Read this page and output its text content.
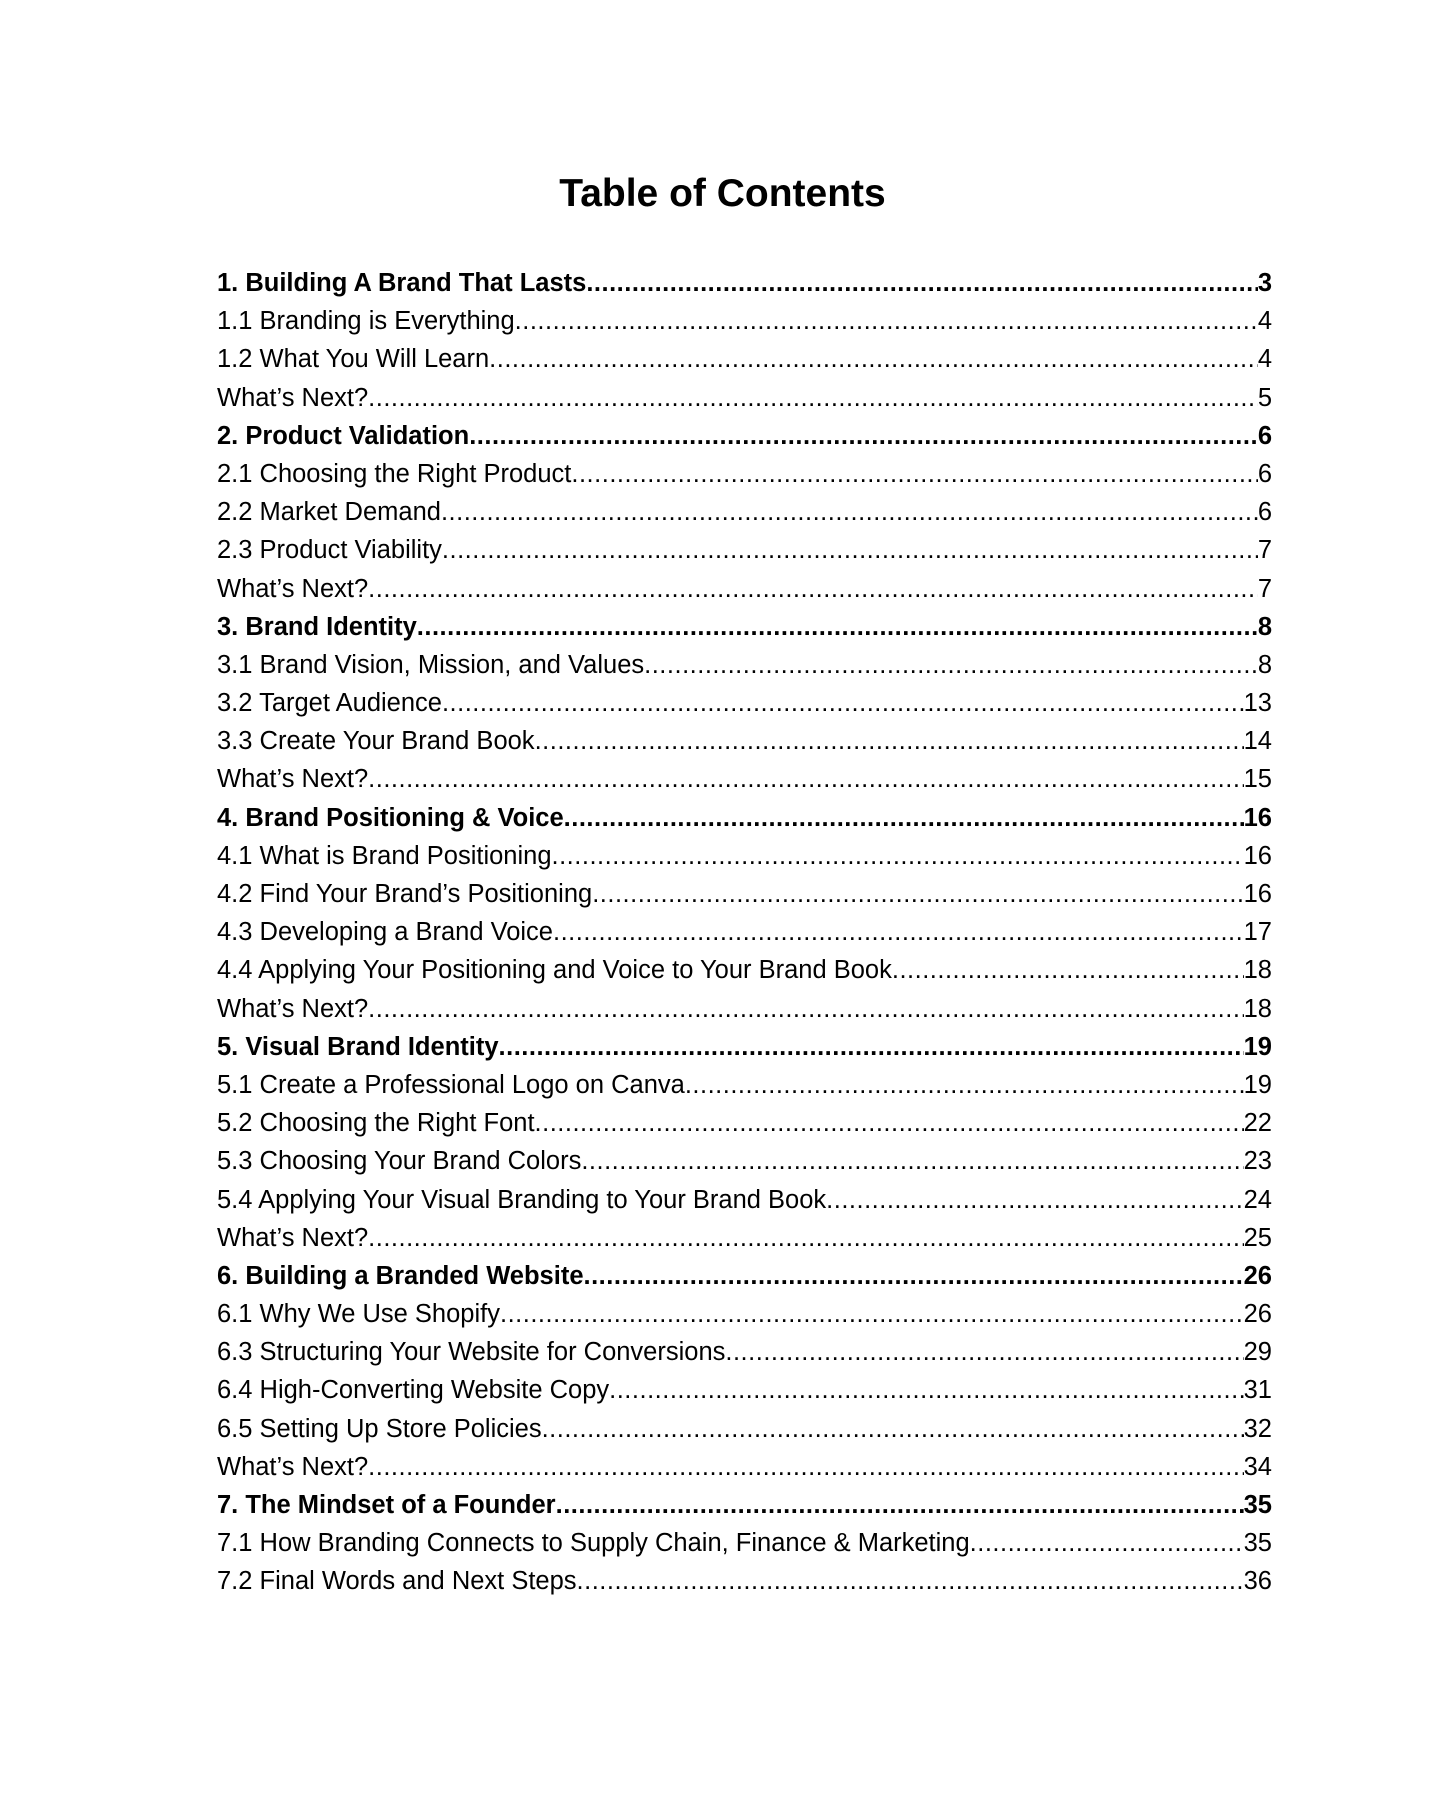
Table of Contents
1. Building A Brand That Lasts .....	3
1.1 Branding is Everything .....	4
1.2 What You Will Learn .....	4
What’s Next? .....	5
2. Product Validation .....	6
2.1 Choosing the Right Product .....	6
2.2 Market Demand .....	6
2.3 Product Viability .....	7
What’s Next? .....	7
3. Brand Identity .....	8
3.1 Brand Vision, Mission, and Values .....	8
3.2 Target Audience .....	13
3.3 Create Your Brand Book .....	14
What’s Next? .....	15
4. Brand Positioning & Voice .....	16
4.1 What is Brand Positioning .....	16
4.2 Find Your Brand’s Positioning .....	16
4.3 Developing a Brand Voice .....	17
4.4 Applying Your Positioning and Voice to Your Brand Book .....	18
What’s Next? .....	18
5. Visual Brand Identity .....	19
5.1 Create a Professional Logo on Canva .....	19
5.2 Choosing the Right Font .....	22
5.3 Choosing Your Brand Colors .....	23
5.4 Applying Your Visual Branding to Your Brand Book .....	24
What’s Next? .....	25
6. Building a Branded Website .....	26
6.1 Why We Use Shopify .....	26
6.3 Structuring Your Website for Conversions .....	29
6.4 High-Converting Website Copy .....	31
6.5 Setting Up Store Policies .....	32
What’s Next? .....	34
7. The Mindset of a Founder .....	35
7.1 How Branding Connects to Supply Chain, Finance & Marketing .....	35
7.2 Final Words and Next Steps .....	36
